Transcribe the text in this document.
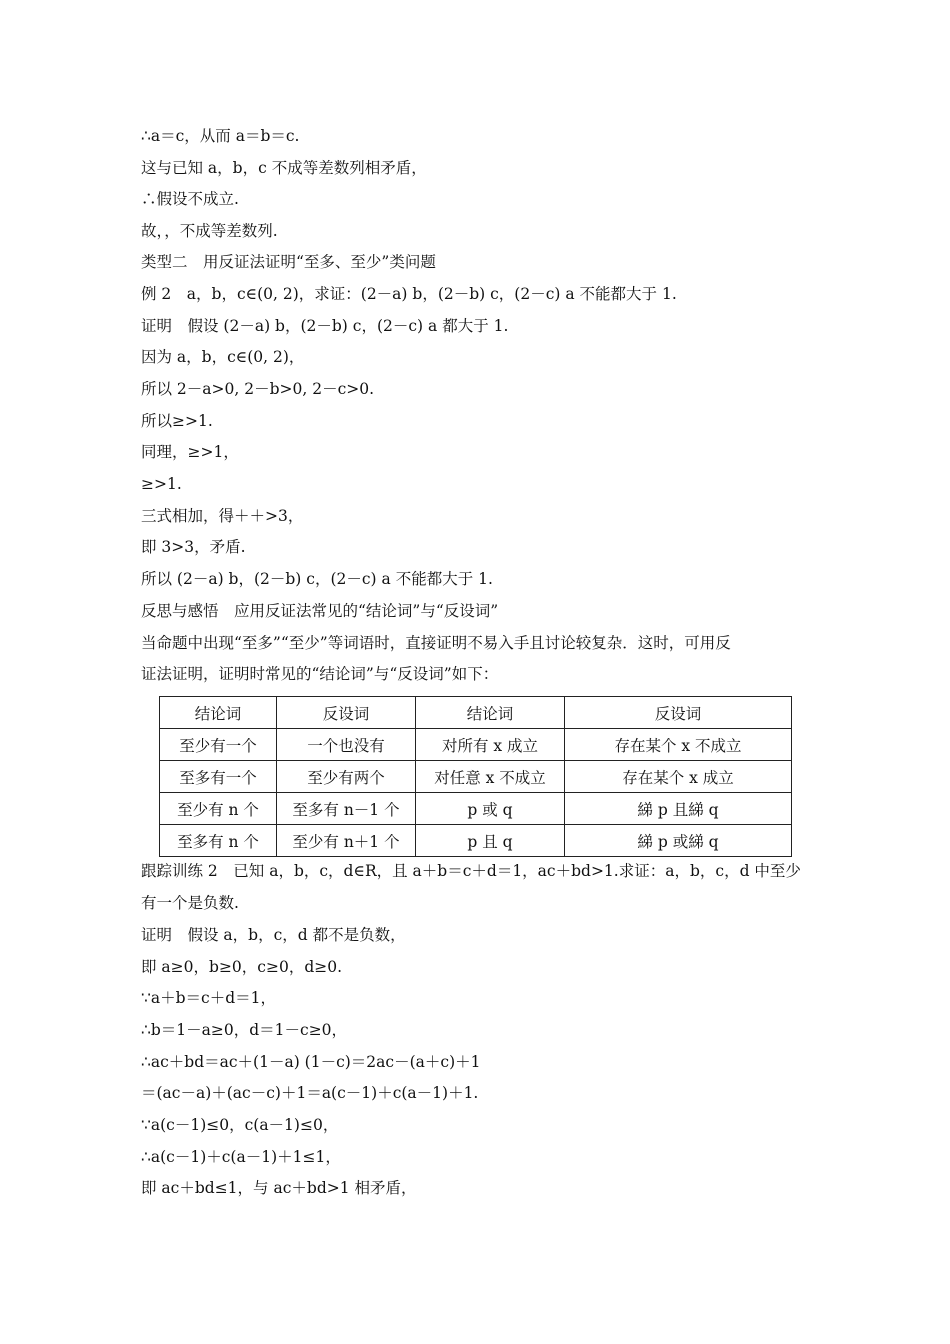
∴a＝c，从而 a＝b＝c.
这与已知 a，b，c 不成等差数列相矛盾，
∴假设不成立.
故，，不成等差数列.
类型二　用反证法证明“至多、至少”类问题
例 2　a，b，c∈(0, 2)，求证：(2－a) b，(2－b) c，(2－c) a 不能都大于 1.
证明　假设 (2－a) b，(2－b) c，(2－c) a 都大于 1.
因为 a，b，c∈(0, 2)，
所以 2－a>0, 2－b>0, 2－c>0.
所以≥>1.
同理，≥>1，
≥>1.
三式相加，得＋＋>3，
即 3>3，矛盾.
所以 (2－a) b，(2－b) c，(2－c) a 不能都大于 1.
反思与感悟　应用反证法常见的“结论词”与“反设词”
当命题中出现“至多”“至少”等词语时，直接证明不易入手且讨论较复杂．这时，可用反
证法证明，证明时常见的“结论词”与“反设词”如下：
结论词	反设词	结论词	反设词
至少有一个	一个也没有	对所有 x 成立	存在某个 x 不成立
至多有一个	至少有两个	对任意 x 不成立	存在某个 x 成立
至少有 n 个	至多有 n－1 个	p 或 q	綈 p 且綈 q
至多有 n 个	至少有 n＋1 个	p 且 q	綈 p 或綈 q
跟踪训练 2　已知 a，b，c，d∈R，且 a＋b＝c＋d＝1，ac＋bd>1.求证：a，b，c，d 中至少
有一个是负数.
证明　假设 a，b，c，d 都不是负数，
即 a≥0，b≥0，c≥0，d≥0.
∵a＋b＝c＋d＝1，
∴b＝1－a≥0，d＝1－c≥0，
∴ac＋bd＝ac＋(1－a) (1－c)＝2ac－(a＋c)＋1
＝(ac－a)＋(ac－c)＋1＝a(c－1)＋c(a－1)＋1.
∵a(c－1)≤0，c(a－1)≤0，
∴a(c－1)＋c(a－1)＋1≤1，
即 ac＋bd≤1，与 ac＋bd>1 相矛盾，
